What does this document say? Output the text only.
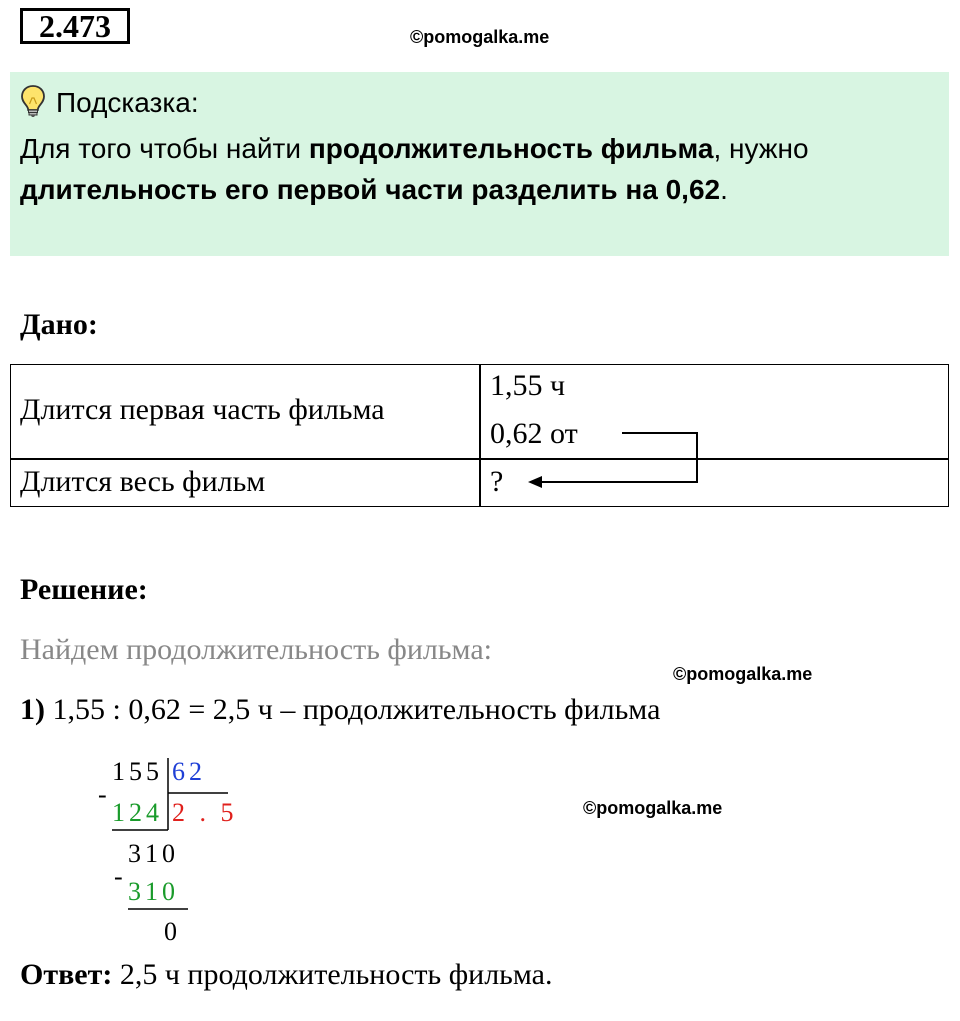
2.473	©pomogalka.me
Подсказка:
Для того чтобы найти продолжительность фильма, нужно
длительность его первой части разделить на 0,62.
Дано:
Длится первая часть фильма
1,55 ч
0,62 от
Длится весь фильм	?
Решение:
Найдем продолжительность фильма:
©pomogalka.me
1) 1,55 : 0,62 = 2,5 ч – продолжительность фильма
155 62
-
124 2 . 5
310
-
310
0
©pomogalka.me
Ответ: 2,5 ч продолжительность фильма.
